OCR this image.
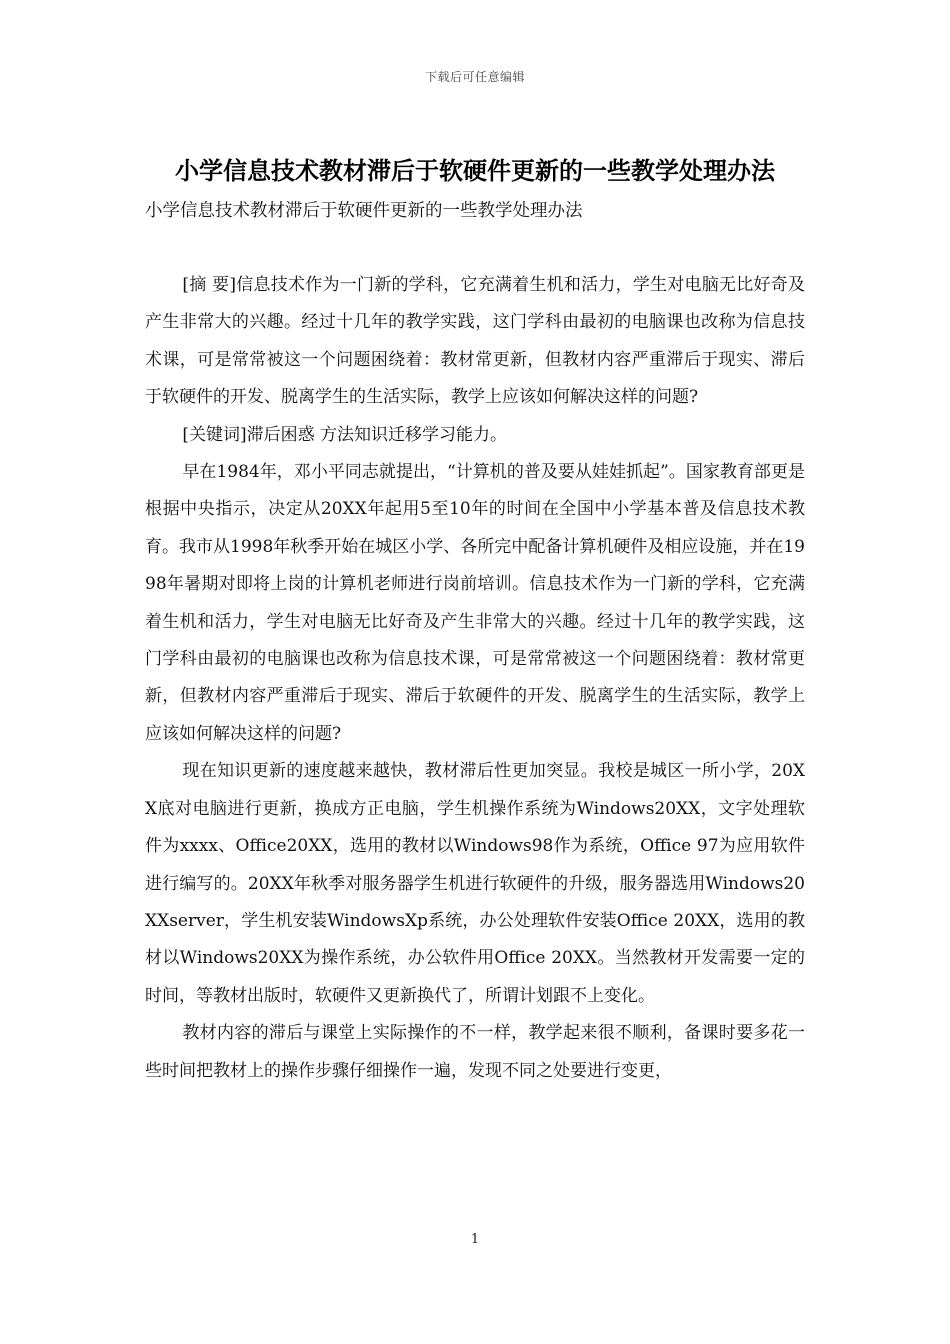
下载后可任意编辑
小学信息技术教材滞后于软硬件更新的一些教学处理办法

小学信息技术教材滞后于软硬件更新的一些教学处理办法

[摘 要]信息技术作为一门新的学科，它充满着生机和活力，学生对电脑无比好奇及产生非常大的兴趣。经过十几年的教学实践，这门学科由最初的电脑课也改称为信息技术课，可是常常被这一个问题困绕着：教材常更新，但教材内容严重滞后于现实、滞后于软硬件的开发、脱离学生的生活实际，教学上应该如何解决这样的问题?

[关键词]滞后困惑 方法知识迁移学习能力。

早在1984年，邓小平同志就提出，“计算机的普及要从娃娃抓起”。国家教育部更是根据中央指示，决定从20XX年起用5至10年的时间在全国中小学基本普及信息技术教育。我市从1998年秋季开始在城区小学、各所完中配备计算机硬件及相应设施，并在1998年暑期对即将上岗的计算机老师进行岗前培训。信息技术作为一门新的学科，它充满着生机和活力，学生对电脑无比好奇及产生非常大的兴趣。经过十几年的教学实践，这门学科由最初的电脑课也改称为信息技术课，可是常常被这一个问题困绕着：教材常更新，但教材内容严重滞后于现实、滞后于软硬件的开发、脱离学生的生活实际，教学上应该如何解决这样的问题?

现在知识更新的速度越来越快，教材滞后性更加突显。我校是城区一所小学，20XX底对电脑进行更新，换成方正电脑，学生机操作系统为Windows20XX，文字处理软件为xxxx、Office20XX，选用的教材以Windows98作为系统，Office 97为应用软件进行编写的。20XX年秋季对服务器学生机进行软硬件的升级，服务器选用Windows20XXserver，学生机安装WindowsXp系统，办公处理软件安装Office 20XX，选用的教材以Windows20XX为操作系统，办公软件用Office 20XX。当然教材开发需要一定的时间，等教材出版时，软硬件又更新换代了，所谓计划跟不上变化。

教材内容的滞后与课堂上实际操作的不一样，教学起来很不顺利，备课时要多花一些时间把教材上的操作步骤仔细操作一遍，发现不同之处要进行变更，

1
